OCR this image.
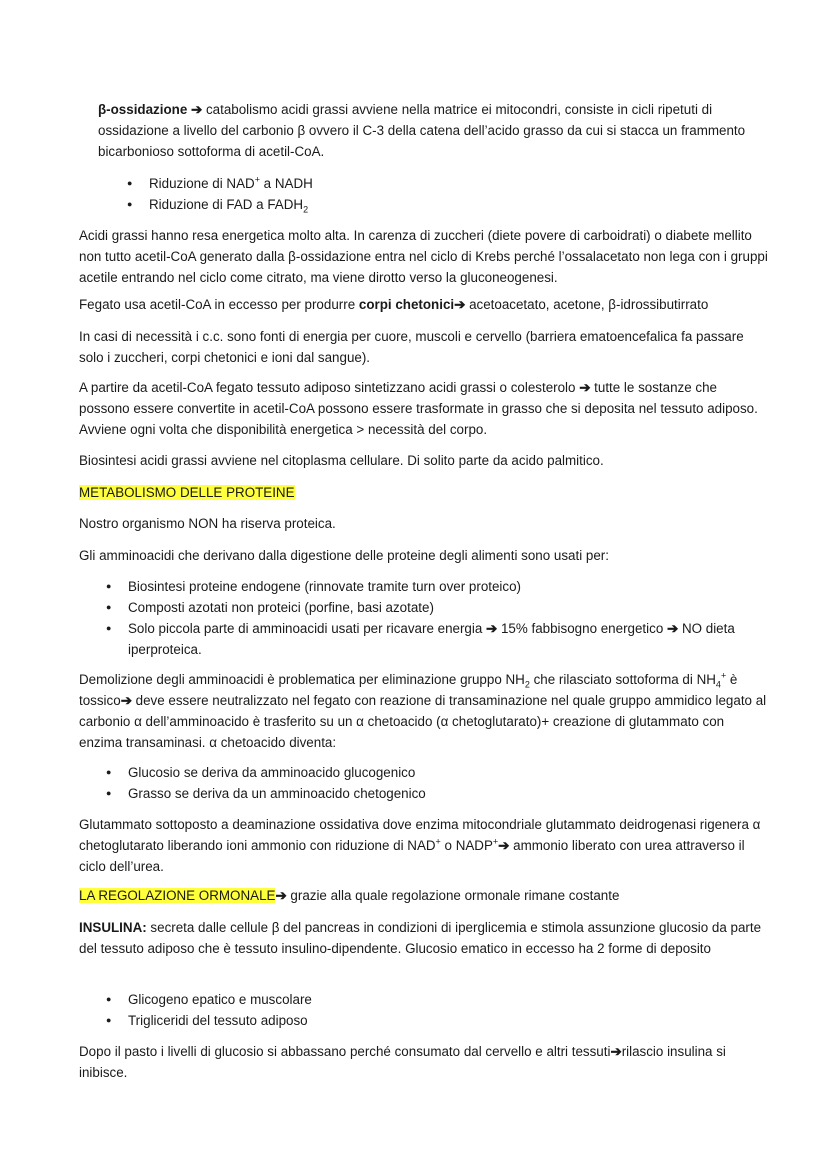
β-ossidazione ➔ catabolismo acidi grassi avviene nella matrice ei mitocondri, consiste in cicli ripetuti di ossidazione a livello del carbonio β ovvero il C-3 della catena dell’acido grasso da cui si stacca un frammento bicarbonioso sottoforma di acetil-CoA.

● Riduzione di NAD+ a NADH
● Riduzione di FAD a $FADH_2$

Acidi grassi hanno resa energetica molto alta. In carenza di zuccheri (diete povere di carboidrati) o diabete mellito non tutto acetil-CoA generato dalla β-ossidazione entra nel ciclo di Krebs perché l’ossalacetato non lega con i gruppi acetile entrando nel ciclo come citrato, ma viene dirotto verso la gluconeogenesi.

Fegato usa acetil-CoA in eccesso per produrre corpi chetonici➔ acetoacetato, acetone, β-idrossibutirrato

In casi di necessità i c.c. sono fonti di energia per cuore, muscoli e cervello (barriera ematoencefalica fa passare solo i zuccheri, corpi chetonici e ioni dal sangue).

A partire da acetil-CoA fegato tessuto adiposo sintetizzano acidi grassi o colesterolo ➔ tutte le sostanze che possono essere convertite in acetil-CoA possono essere trasformate in grasso che si deposita nel tessuto adiposo. Avviene ogni volta che disponibilità energetica > necessità del corpo.

Biosintesi acidi grassi avviene nel citoplasma cellulare. Di solito parte da acido palmitico.

METABOLISMO DELLE PROTEINE

Nostro organismo NON ha riserva proteica.

Gli amminoacidi che derivano dalla digestione delle proteine degli alimenti sono usati per:

● Biosintesi proteine endogene (rinnovate tramite turn over proteico)
● Composti azotati non proteici (porfine, basi azotate)
● Solo piccola parte di amminoacidi usati per ricavare energia ➔ 15% fabbisogno energetico ➔ NO dieta iperproteica.

Demolizione degli amminoacidi è problematica per eliminazione gruppo $NH_2$ che rilasciato sottoforma di $NH_4^+$ è tossico➔ deve essere neutralizzato nel fegato con reazione di transaminazione nel quale gruppo ammidico legato al carbonio α dell’amminoacido è trasferito su un α chetoacido (α chetoglutarato)+ creazione di glutammato con enzima transaminasi. α chetoacido diventa:

● Glucosio se deriva da amminoacido glucogenico
● Grasso se deriva da un amminoacido chetogenico

Glutammato sottoposto a deaminazione ossidativa dove enzima mitocondriale glutammato deidrogenasi rigenera α chetoglutarato liberando ioni ammonio con riduzione di NAD+ o NADP+➔ ammonio liberato con urea attraverso il ciclo dell’urea.

LA REGOLAZIONE ORMONALE➔ grazie alla quale regolazione ormonale rimane costante

INSULINA: secreta dalle cellule β del pancreas in condizioni di iperglicemia e stimola assunzione glucosio da parte del tessuto adiposo che è tessuto insulino-dipendente. Glucosio ematico in eccesso ha 2 forme di deposito

● Glicogeno epatico e muscolare
● Trigliceridi del tessuto adiposo

Dopo il pasto i livelli di glucosio si abbassano perché consumato dal cervello e altri tessuti➔rilascio insulina si inibisce.
